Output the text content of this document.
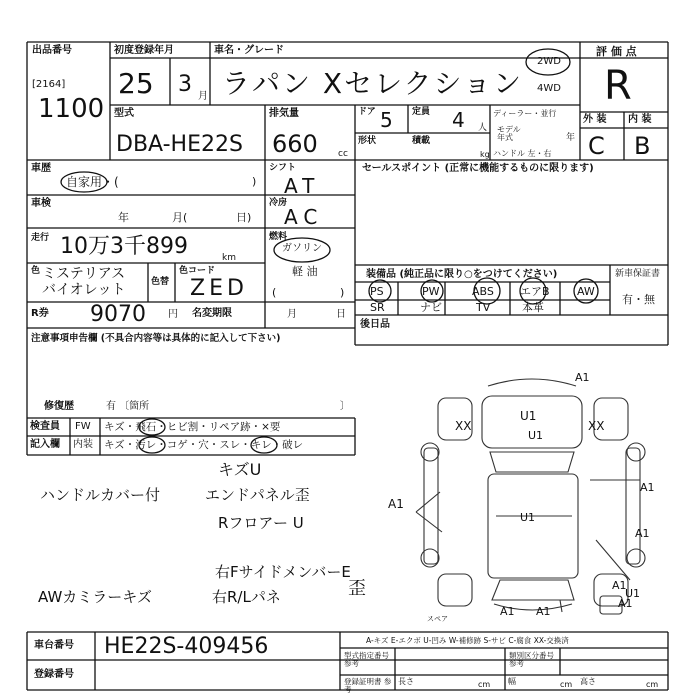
出品番号
[2164]
1100
初度登録年月
25 3 月
車名・グレード
ラパン Xセレクション
2WD
4WD
評 価 点
R
型式
DBA-HE22S
排気量
660 cc
ドア 5 定員 4 人
形状	積載
kg
ディーラー・並行
モデル 年式	年
ハンドル 左・右
外 装 内 装
C B
車歴
自家用・(	)
車検
年	月(	日)
走行 10万3千899	km
色 ミステリアス バイオレット	色替
色コード
ZED
R券 9070 円 名変期限	月	日
注意事項申告欄 (不具合内容等は具体的に記入して下さい)
修復歴	有 〔箇所	〕
シフト
AT
冷房
AC
燃料
ガソリン
軽 油
(	)
セールスポイント (正常に機能するものに限ります)
装備品 (純正品に限り○をつけてください)
PS	PW	ABS エアB AW
SR	ナビ	TV	本革
新車保証書
有・無
後日品
検査員
記入欄
FW
内装
キズ・飛石・ヒビ割・リペア跡・×要
キズ・汚レ・コゲ・穴・スレ・キレ・破レ
キズU
ハンドルカバー付	エンドパネル歪
Rフロアー U
AWカミラーキズ
右FサイドメンバーE
右R/Lパネ	歪
A1
XX
U1
XX
U1
A1
A1
A1
U1
A1
U1
A1
A1 A1
スペア
車台番号 HE22S-409456
登録番号
A-キズ E-エクボ U-凹み W-補修跡 S-サビ C-腐食 XX-交換済
型式指定番号 参考
類別区分番号 参考
登録証明書 参考
長さ	cm 幅	cm 高さ	cm
